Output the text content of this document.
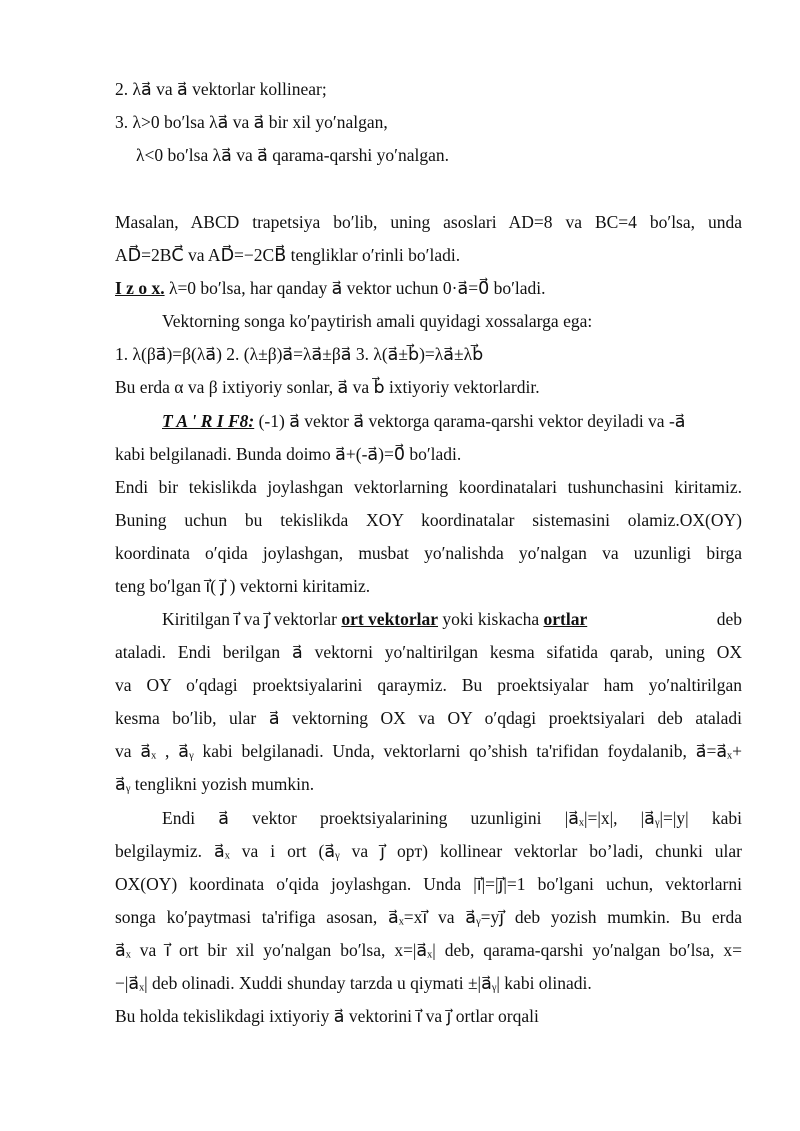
2. λa⃗ va a⃗ vektorlar kollinear;
3. λ>0 bo′lsa λa⃗ va a⃗ bir xil yo′nalgan,
λ<0 bo′lsa λa⃗ va a⃗ qarama-qarshi yo′nalgan.
Masalan, ABCD trapetsiya bo′lib, uning asoslari AD=8 va BC=4 bo′lsa, unda
AD⃗=2BC⃗ va AD⃗=−2CB⃗ tengliklar o′rinli bo′ladi.
I z o x. λ=0 bo′lsa, har qanday a⃗ vektor uchun 0·a⃗=0⃗ bo′ladi.
Vektorning songa ko′paytirish amali quyidagi xossalarga ega:
1. λ(βa⃗)=β(λa⃗) 2. (λ±β)a⃗=λa⃗±βa⃗ 3. λ(a⃗±b⃗)=λa⃗±λb⃗
Bu erda α va β ixtiyoriy sonlar, a⃗ va b⃗ ixtiyoriy vektorlardir.
T A ' R I F8: (-1) a⃗ vektor a⃗ vektorga qarama-qarshi vektor deyiladi va -a⃗
kabi belgilanadi. Bunda doimo a⃗+(-a⃗)=0⃗ bo′ladi.
Endi bir tekislikda joylashgan vektorlarning koordinatalari tushunchasini kiritamiz.
Buning uchun bu tekislikda XOY koordinatalar sistemasini olamiz.OX(OY)
koordinata o′qida joylashgan, musbat yo′nalishda yo′nalgan va uzunligi birga
teng bo′lgan i⃗( j⃗ ) vektorni kiritamiz.
Kiritilgan i⃗ va j⃗ vektorlar ort vektorlar yoki kiskacha ortlar	deb
ataladi. Endi berilgan a⃗ vektorni yo′naltirilgan kesma sifatida qarab, uning OX
va OY o′qdagi proektsiyalarini qaraymiz. Bu proektsiyalar ham yo′naltirilgan
kesma bo′lib, ular a⃗ vektorning OX va OY o′qdagi proektsiyalari deb ataladi
va a⃗ₓ , a⃗ᵧ kabi belgilanadi. Unda, vektorlarni qo’shish ta'rifidan foydalanib, a⃗=a⃗ₓ+
a⃗ᵧ tenglikni yozish mumkin.
Endi a⃗ vektor proektsiyalarining uzunligini |a⃗ₓ|=|x|, |a⃗ᵧ|=|y| kabi
belgilaymiz. a⃗ₓ va i ort (a⃗ᵧ va j⃗ opт) kollinear vektorlar bo’ladi, chunki ular
OX(OY) koordinata o′qida joylashgan. Unda |i⃗|=|j⃗|=1 bo′lgani uchun, vektorlarni
songa ko′paytmasi ta'rifiga asosan, a⃗ₓ=xi⃗ va a⃗ᵧ=yj⃗ deb yozish mumkin. Bu erda
a⃗ₓ va i⃗ ort bir xil yo′nalgan bo′lsa, x=|a⃗ₓ| deb, qarama-qarshi yo′nalgan bo′lsa, x=
−|a⃗ₓ| deb olinadi. Xuddi shunday tarzda u qiymati ±|a⃗ᵧ| kabi olinadi.
Bu holda tekislikdagi ixtiyoriy a⃗ vektorini i⃗ va j⃗ ortlar orqali
